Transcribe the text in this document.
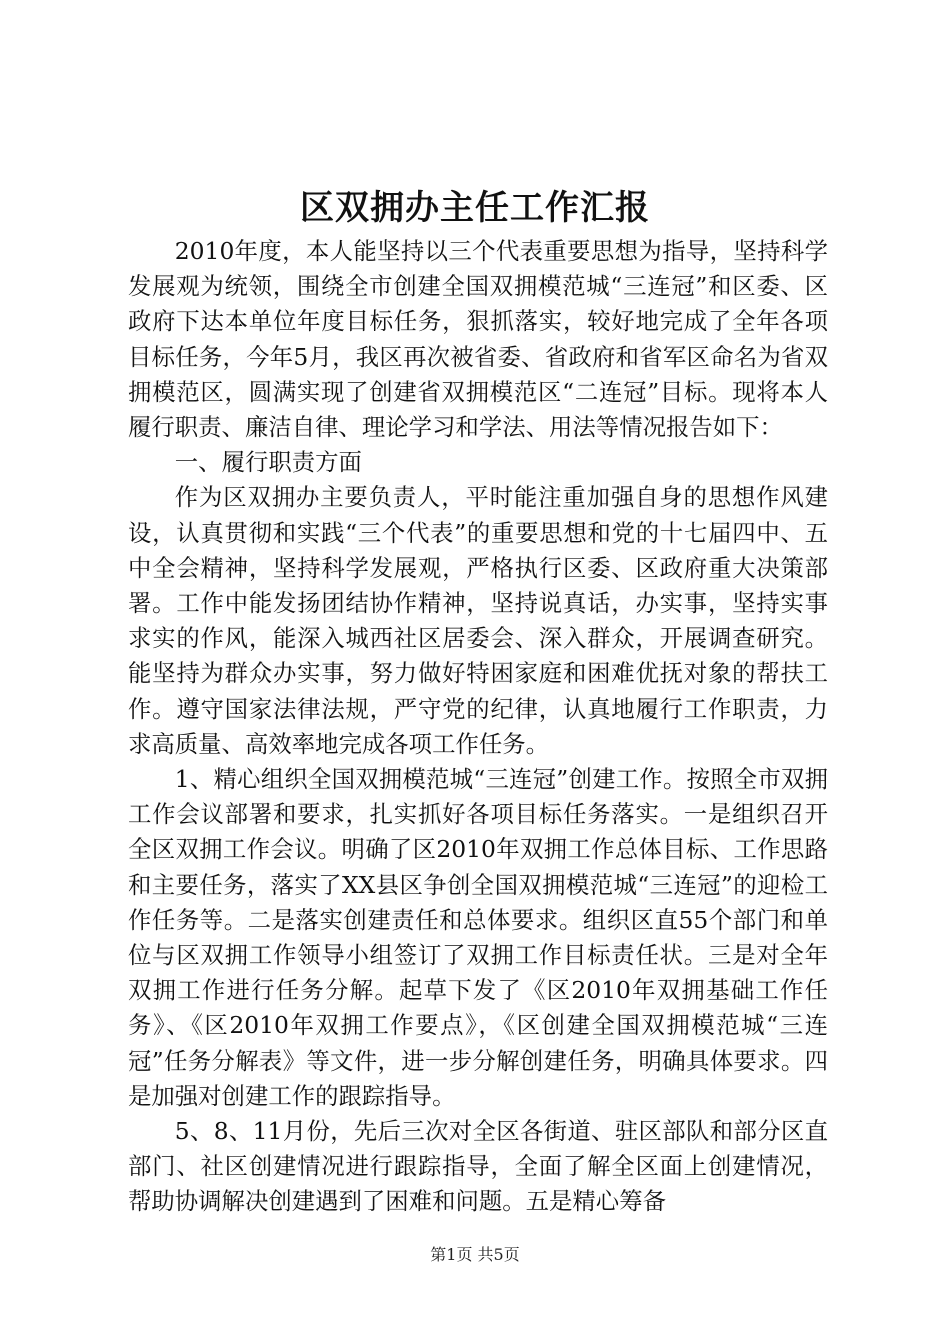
区双拥办主任工作汇报

2010年度，本人能坚持以三个代表重要思想为指导，坚持科学发展观为统领，围绕全市创建全国双拥模范城“三连冠”和区委、区政府下达本单位年度目标任务，狠抓落实，较好地完成了全年各项目标任务，今年5月，我区再次被省委、省政府和省军区命名为省双拥模范区，圆满实现了创建省双拥模范区“二连冠”目标。现将本人履行职责、廉洁自律、理论学习和学法、用法等情况报告如下：

一、履行职责方面

作为区双拥办主要负责人，平时能注重加强自身的思想作风建设，认真贯彻和实践“三个代表”的重要思想和党的十七届四中、五中全会精神，坚持科学发展观，严格执行区委、区政府重大决策部署。工作中能发扬团结协作精神，坚持说真话，办实事，坚持实事求实的作风，能深入城西社区居委会、深入群众，开展调查研究。能坚持为群众办实事，努力做好特困家庭和困难优抚对象的帮扶工作。遵守国家法律法规，严守党的纪律，认真地履行工作职责，力求高质量、高效率地完成各项工作任务。

1、精心组织全国双拥模范城“三连冠”创建工作。按照全市双拥工作会议部署和要求，扎实抓好各项目标任务落实。一是组织召开全区双拥工作会议。明确了区2010年双拥工作总体目标、工作思路和主要任务，落实了XX县区争创全国双拥模范城“三连冠”的迎检工作任务等。二是落实创建责任和总体要求。组织区直55个部门和单位与区双拥工作领导小组签订了双拥工作目标责任状。三是对全年双拥工作进行任务分解。起草下发了《区2010年双拥基础工作任务》、《区2010年双拥工作要点》，《区创建全国双拥模范城“三连冠”任务分解表》等文件，进一步分解创建任务，明确具体要求。四是加强对创建工作的跟踪指导。

5、8、11月份，先后三次对全区各街道、驻区部队和部分区直部门、社区创建情况进行跟踪指导，全面了解全区面上创建情况，帮助协调解决创建遇到了困难和问题。五是精心筹备

第1页 共5页
